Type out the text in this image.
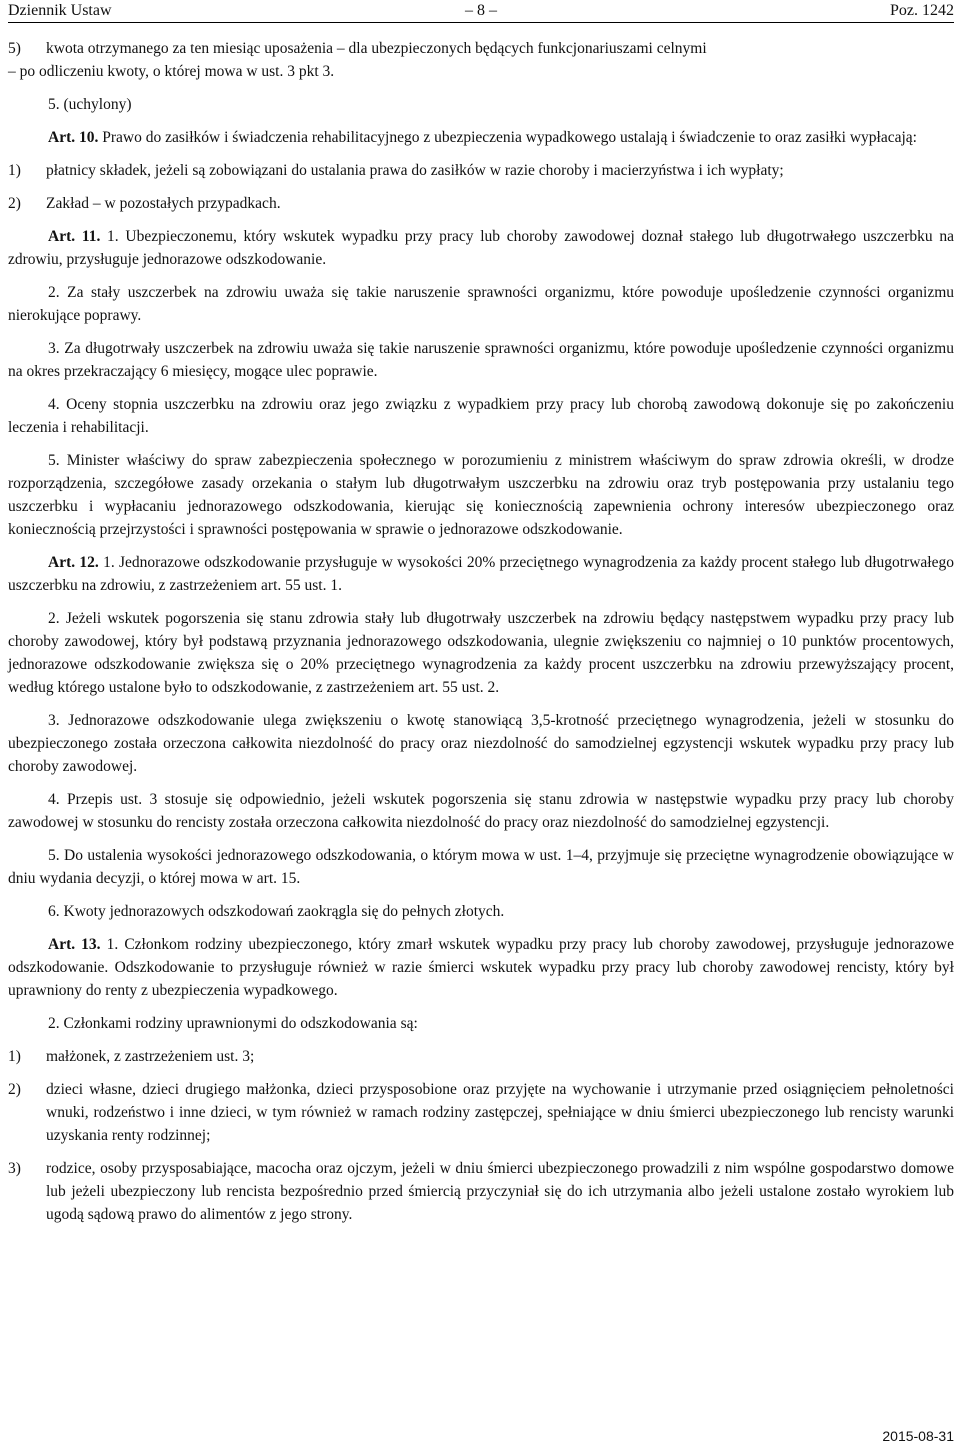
Dziennik Ustaw	– 8 –	Poz. 1242

5) kwota otrzymanego za ten miesiąc uposażenia – dla ubezpieczonych będących funkcjonariuszami celnymi

– po odliczeniu kwoty, o której mowa w ust. 3 pkt 3.

5. (uchylony)

Art. 10. Prawo do zasiłków i świadczenia rehabilitacyjnego z ubezpieczenia wypadkowego ustalają i świadczenie to oraz zasiłki wypłacają:

1) płatnicy składek, jeżeli są zobowiązani do ustalania prawa do zasiłków w razie choroby i macierzyństwa i ich wypłaty;

2) Zakład – w pozostałych przypadkach.

Art. 11. 1. Ubezpieczonemu, który wskutek wypadku przy pracy lub choroby zawodowej doznał stałego lub długotrwałego uszczerbku na zdrowiu, przysługuje jednorazowe odszkodowanie.

2. Za stały uszczerbek na zdrowiu uważa się takie naruszenie sprawności organizmu, które powoduje upośledzenie czynności organizmu nierokujące poprawy.

3. Za długotrwały uszczerbek na zdrowiu uważa się takie naruszenie sprawności organizmu, które powoduje upośledzenie czynności organizmu na okres przekraczający 6 miesięcy, mogące ulec poprawie.

4. Oceny stopnia uszczerbku na zdrowiu oraz jego związku z wypadkiem przy pracy lub chorobą zawodową dokonuje się po zakończeniu leczenia i rehabilitacji.

5. Minister właściwy do spraw zabezpieczenia społecznego w porozumieniu z ministrem właściwym do spraw zdrowia określi, w drodze rozporządzenia, szczegółowe zasady orzekania o stałym lub długotrwałym uszczerbku na zdrowiu oraz tryb postępowania przy ustalaniu tego uszczerbku i wypłacaniu jednorazowego odszkodowania, kierując się koniecznością zapewnienia ochrony interesów ubezpieczonego oraz koniecznością przejrzystości i sprawności postępowania w sprawie o jednorazowe odszkodowanie.

Art. 12. 1. Jednorazowe odszkodowanie przysługuje w wysokości 20% przeciętnego wynagrodzenia za każdy procent stałego lub długotrwałego uszczerbku na zdrowiu, z zastrzeżeniem art. 55 ust. 1.

2. Jeżeli wskutek pogorszenia się stanu zdrowia stały lub długotrwały uszczerbek na zdrowiu będący następstwem wypadku przy pracy lub choroby zawodowej, który był podstawą przyznania jednorazowego odszkodowania, ulegnie zwiększeniu co najmniej o 10 punktów procentowych, jednorazowe odszkodowanie zwiększa się o 20% przeciętnego wynagrodzenia za każdy procent uszczerbku na zdrowiu przewyższający procent, według którego ustalone było to odszkodowanie, z zastrzeżeniem art. 55 ust. 2.

3. Jednorazowe odszkodowanie ulega zwiększeniu o kwotę stanowiącą 3,5-krotność przeciętnego wynagrodzenia, jeżeli w stosunku do ubezpieczonego została orzeczona całkowita niezdolność do pracy oraz niezdolność do samodzielnej egzystencji wskutek wypadku przy pracy lub choroby zawodowej.

4. Przepis ust. 3 stosuje się odpowiednio, jeżeli wskutek pogorszenia się stanu zdrowia w następstwie wypadku przy pracy lub choroby zawodowej w stosunku do rencisty została orzeczona całkowita niezdolność do pracy oraz niezdolność do samodzielnej egzystencji.

5. Do ustalenia wysokości jednorazowego odszkodowania, o którym mowa w ust. 1–4, przyjmuje się przeciętne wynagrodzenie obowiązujące w dniu wydania decyzji, o której mowa w art. 15.

6. Kwoty jednorazowych odszkodowań zaokrągla się do pełnych złotych.

Art. 13. 1. Członkom rodziny ubezpieczonego, który zmarł wskutek wypadku przy pracy lub choroby zawodowej, przysługuje jednorazowe odszkodowanie. Odszkodowanie to przysługuje również w razie śmierci wskutek wypadku przy pracy lub choroby zawodowej rencisty, który był uprawniony do renty z ubezpieczenia wypadkowego.

2. Członkami rodziny uprawnionymi do odszkodowania są:

1) małżonek, z zastrzeżeniem ust. 3;

2) dzieci własne, dzieci drugiego małżonka, dzieci przysposobione oraz przyjęte na wychowanie i utrzymanie przed osiągnięciem pełnoletności wnuki, rodzeństwo i inne dzieci, w tym również w ramach rodziny zastępczej, spełniające w dniu śmierci ubezpieczonego lub rencisty warunki uzyskania renty rodzinnej;

3) rodzice, osoby przysposabiające, macocha oraz ojczym, jeżeli w dniu śmierci ubezpieczonego prowadzili z nim wspólne gospodarstwo domowe lub jeżeli ubezpieczony lub rencista bezpośrednio przed śmiercią przyczyniał się do ich utrzymania albo jeżeli ustalone zostało wyrokiem lub ugodą sądową prawo do alimentów z jego strony.

2015-08-31
